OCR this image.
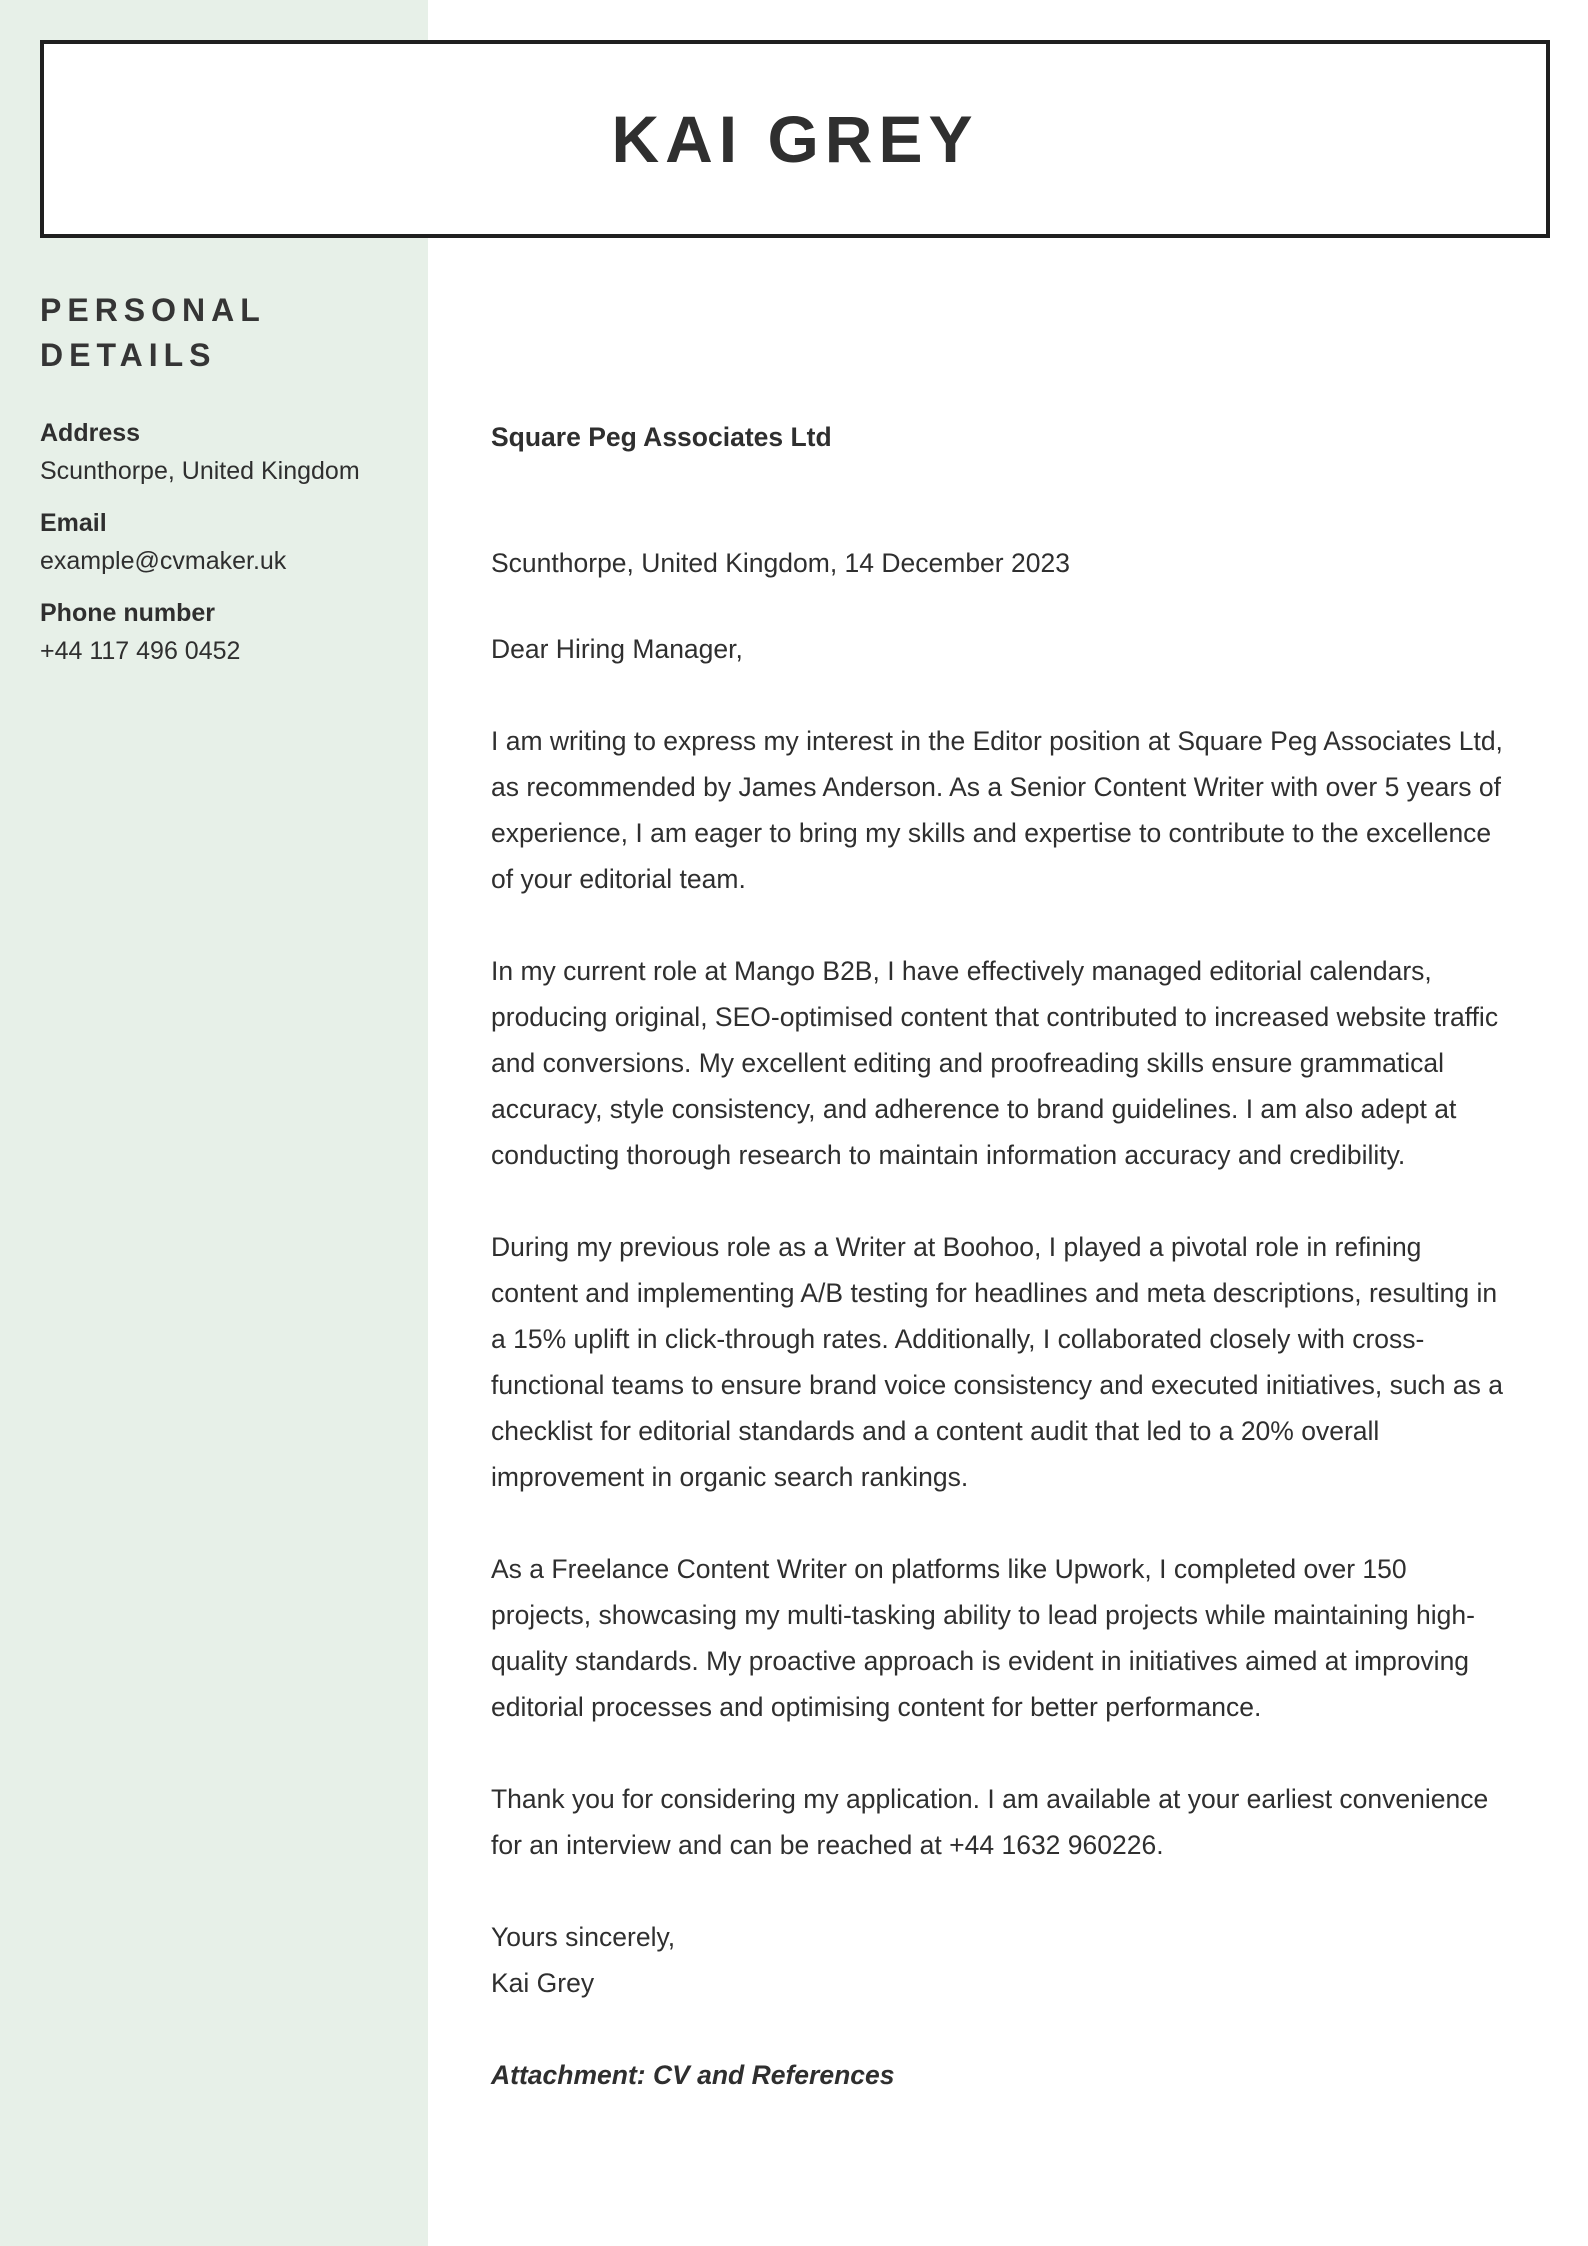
KAI GREY
PERSONAL DETAILS
Address
Scunthorpe, United Kingdom
Email
example@cvmaker.uk
Phone number
+44 117 496 0452

Square Peg Associates Ltd

Scunthorpe, United Kingdom, 14 December 2023

Dear Hiring Manager,

I am writing to express my interest in the Editor position at Square Peg Associates Ltd, as recommended by James Anderson. As a Senior Content Writer with over 5 years of experience, I am eager to bring my skills and expertise to contribute to the excellence of your editorial team.

In my current role at Mango B2B, I have effectively managed editorial calendars, producing original, SEO-optimised content that contributed to increased website traffic and conversions. My excellent editing and proofreading skills ensure grammatical accuracy, style consistency, and adherence to brand guidelines. I am also adept at conducting thorough research to maintain information accuracy and credibility.

During my previous role as a Writer at Boohoo, I played a pivotal role in refining content and implementing A/B testing for headlines and meta descriptions, resulting in a 15% uplift in click-through rates. Additionally, I collaborated closely with cross-functional teams to ensure brand voice consistency and executed initiatives, such as a checklist for editorial standards and a content audit that led to a 20% overall improvement in organic search rankings.

As a Freelance Content Writer on platforms like Upwork, I completed over 150 projects, showcasing my multi-tasking ability to lead projects while maintaining high-quality standards. My proactive approach is evident in initiatives aimed at improving editorial processes and optimising content for better performance.

Thank you for considering my application. I am available at your earliest convenience for an interview and can be reached at +44 1632 960226.

Yours sincerely,

Kai Grey

Attachment: CV and References
